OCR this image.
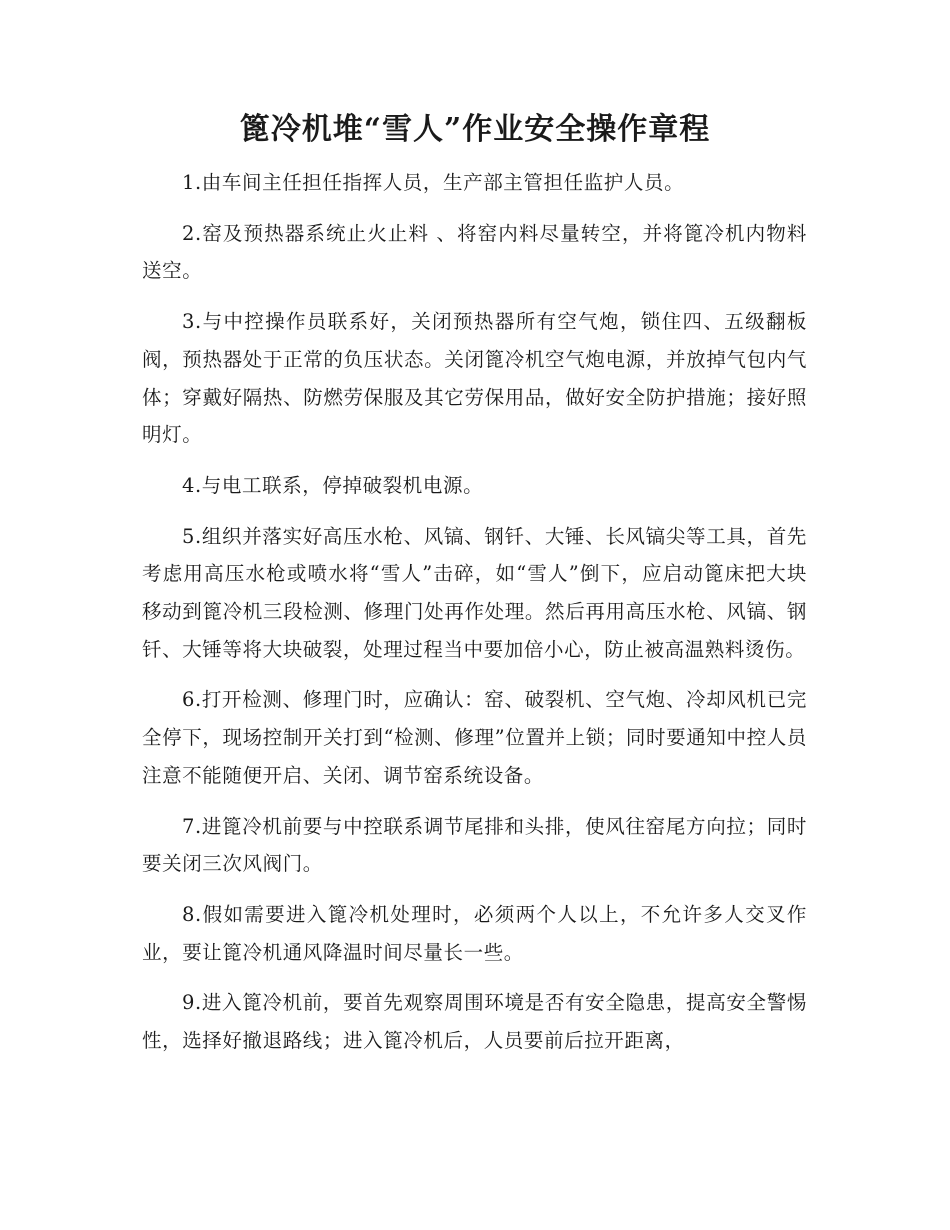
篦冷机堆“雪人”作业安全操作章程

1.由车间主任担任指挥人员，生产部主管担任监护人员。

2.窑及预热器系统止火止料 、将窑内料尽量转空，并将篦冷机内物料送空。

3.与中控操作员联系好，关闭预热器所有空气炮，锁住四、五级翻板阀，预热器处于正常的负压状态。关闭篦冷机空气炮电源，并放掉气包内气体；穿戴好隔热、防燃劳保服及其它劳保用品，做好安全防护措施；接好照明灯。

4.与电工联系，停掉破裂机电源。

5.组织并落实好高压水枪、风镐、钢钎、大锤、长风镐尖等工具，首先考虑用高压水枪或喷水将“雪人”击碎，如“雪人”倒下，应启动篦床把大块移动到篦冷机三段检测、修理门处再作处理。然后再用高压水枪、风镐、钢钎、大锤等将大块破裂，处理过程当中要加倍小心，防止被高温熟料烫伤。

6.打开检测、修理门时，应确认：窑、破裂机、空气炮、冷却风机已完全停下，现场控制开关打到“检测、修理”位置并上锁；同时要通知中控人员注意不能随便开启、关闭、调节窑系统设备。

7.进篦冷机前要与中控联系调节尾排和头排，使风往窑尾方向拉；同时要关闭三次风阀门。

8.假如需要进入篦冷机处理时，必须两个人以上，不允许多人交叉作业，要让篦冷机通风降温时间尽量长一些。

9.进入篦冷机前，要首先观察周围环境是否有安全隐患，提高安全警惕性，选择好撤退路线；进入篦冷机后，人员要前后拉开距离，
